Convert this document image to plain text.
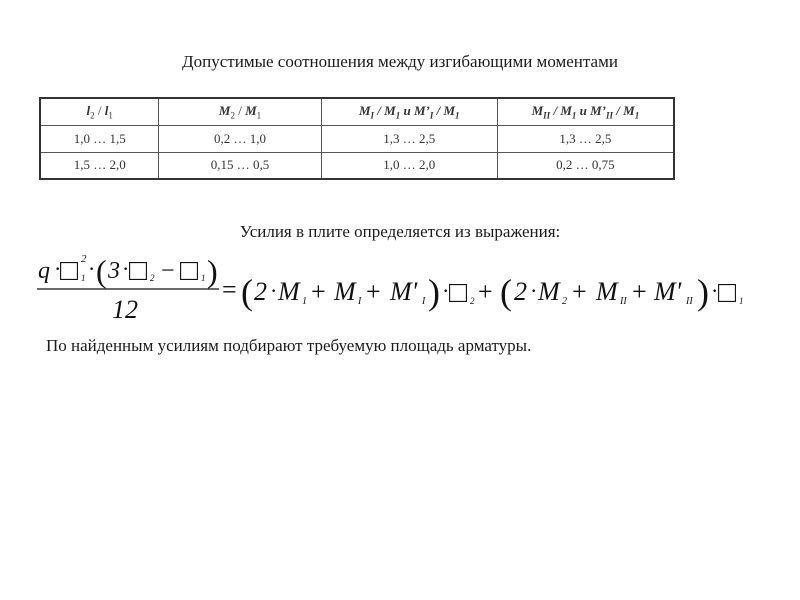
Допустимые соотношения между изгибающими моментами
$l_2 / l_1$	$M_2 / M_1$	$M_I / M_1$ и $M’_I / M_1$	$M_{II} / M_1$ и $M’_{II} / M_1$
1,0 … 1,5	0,2 … 1,0	1,3 … 2,5	1,3 … 2,5
1,5 … 2,0	0,15 … 0,5	1,0 … 2,0	0,2 … 0,75
Усилия в плите определяется из выражения:
q ·
□ 2
1 · ( 3 · □ 2 − □ 1 )
12
= ( 2 · M 1 + M I + M' I ) · □ 2 + ( 2 · M 2 + M II + M' II ) · □ 1
По найденным усилиям подбирают требуемую площадь арматуры.
